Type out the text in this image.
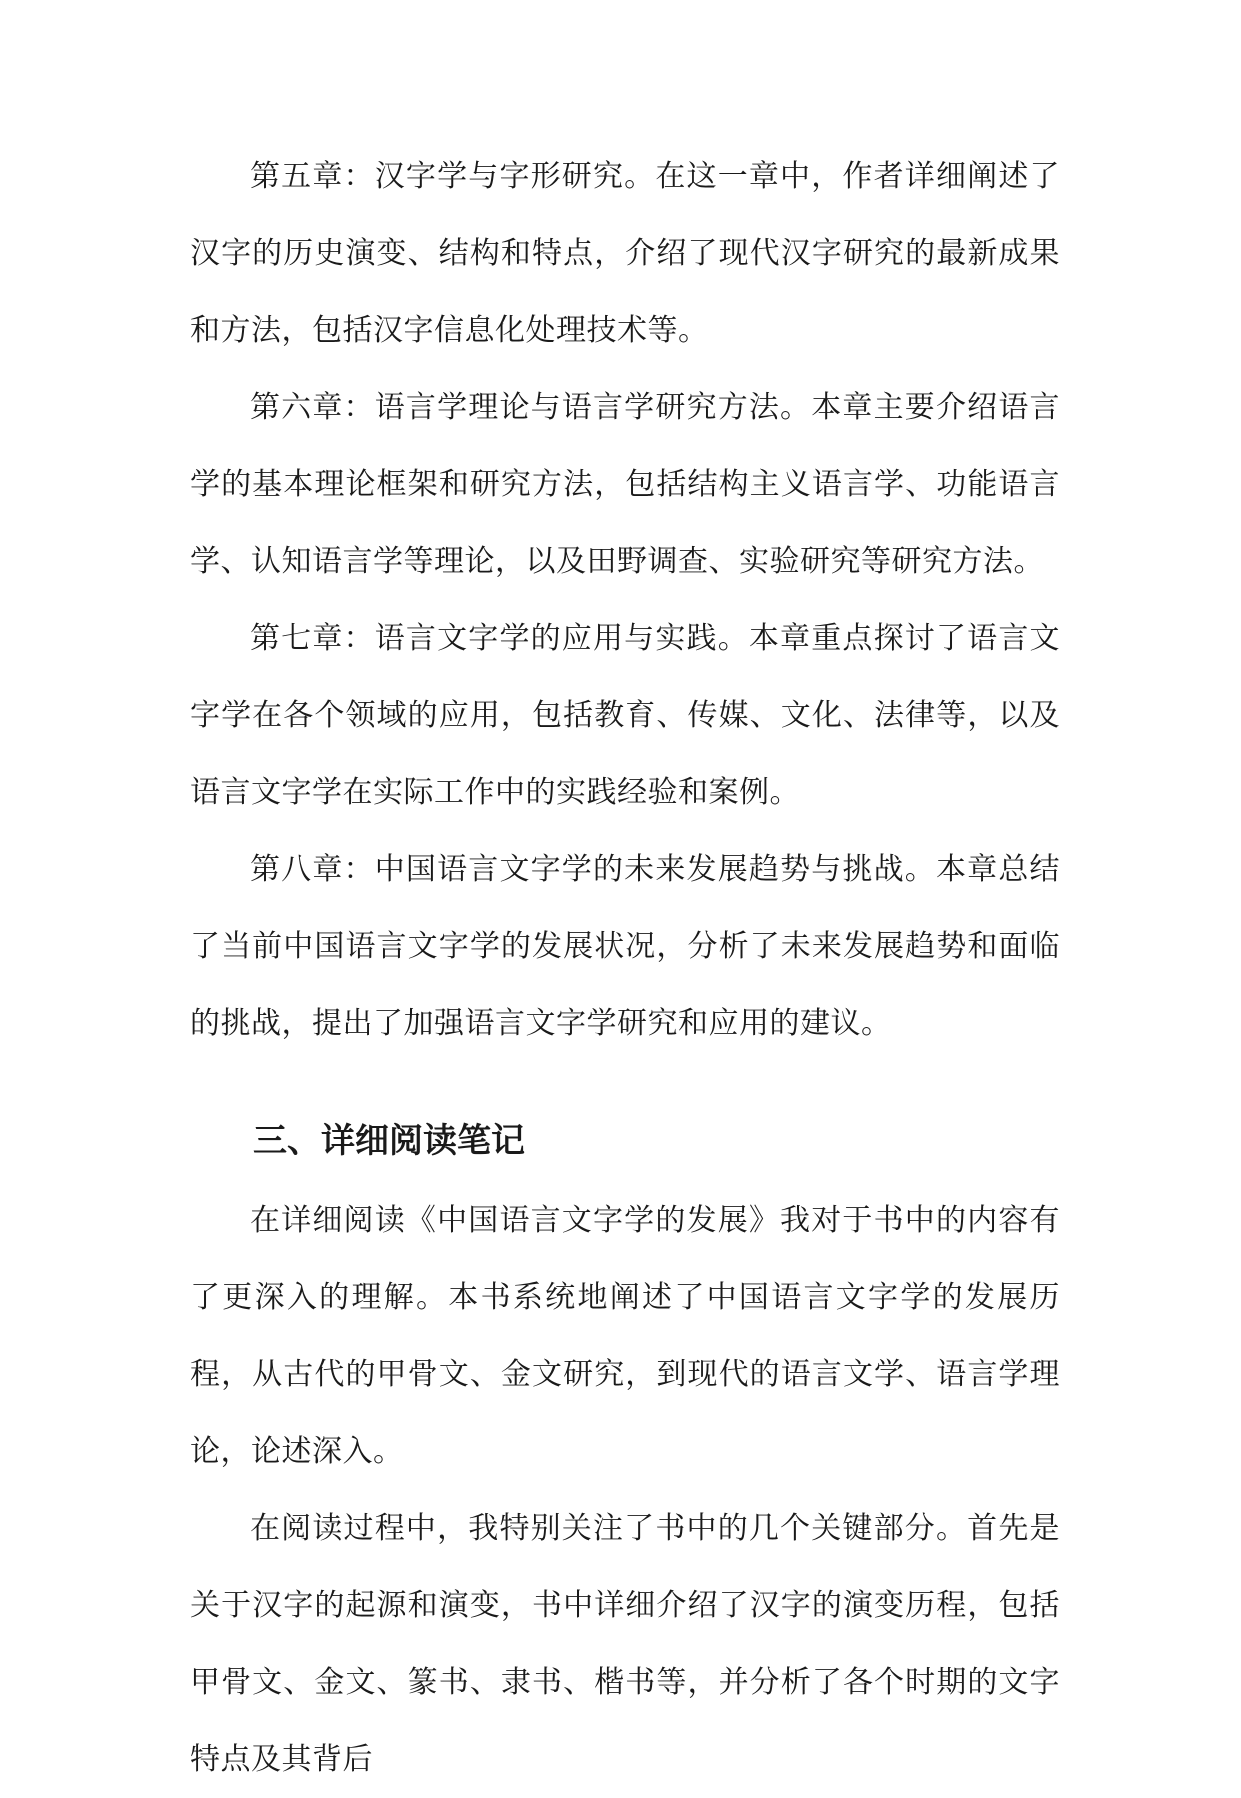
第五章：汉字学与字形研究。在这一章中，作者详细阐述了汉字的历史演变、结构和特点，介绍了现代汉字研究的最新成果和方法，包括汉字信息化处理技术等。

第六章：语言学理论与语言学研究方法。本章主要介绍语言学的基本理论框架和研究方法，包括结构主义语言学、功能语言学、认知语言学等理论，以及田野调查、实验研究等研究方法。

第七章：语言文字学的应用与实践。本章重点探讨了语言文字学在各个领域的应用，包括教育、传媒、文化、法律等，以及语言文字学在实际工作中的实践经验和案例。

第八章：中国语言文字学的未来发展趋势与挑战。本章总结了当前中国语言文字学的发展状况，分析了未来发展趋势和面临的挑战，提出了加强语言文字学研究和应用的建议。

三、详细阅读笔记

在详细阅读《中国语言文字学的发展》我对于书中的内容有了更深入的理解。本书系统地阐述了中国语言文字学的发展历程，从古代的甲骨文、金文研究，到现代的语言文学、语言学理论，论述深入。

在阅读过程中，我特别关注了书中的几个关键部分。首先是关于汉字的起源和演变，书中详细介绍了汉字的演变历程，包括甲骨文、金文、篆书、隶书、楷书等，并分析了各个时期的文字特点及其背后
